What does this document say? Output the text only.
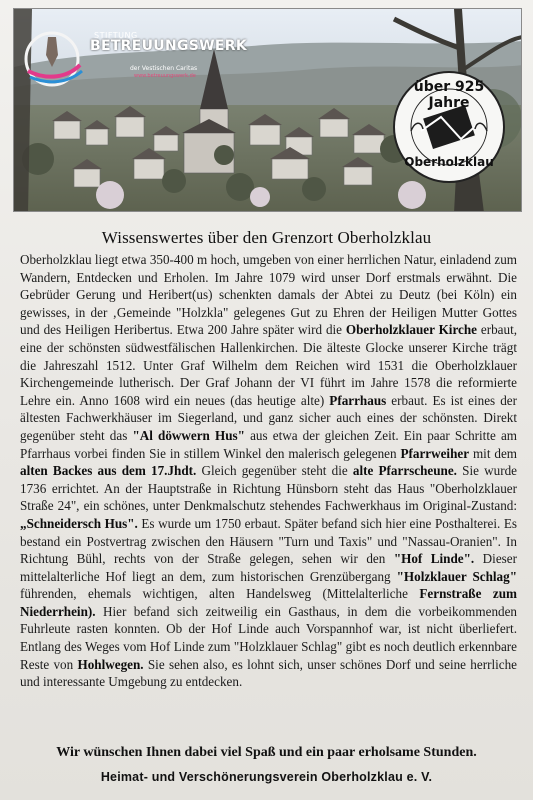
STIFTUNG
BETREUUNGSWERK
der Vestischen Caritas
www.betreuungswerk.de
über 925 Jahre
Oberholzklau
Wissenswertes über den Grenzort Oberholzklau
Oberholzklau liegt etwa 350-400 m hoch, umgeben von einer herrlichen Natur, einladend zum Wandern, Entdecken und Erholen. Im Jahre 1079 wird unser Dorf erstmals erwähnt. Die Gebrüder Gerung und Heribert(us) schenkten damals der Abtei zu Deutz (bei Köln) ein gewisses, in der ‚Gemeinde "Holzkla" gelegenes Gut zu Ehren der Heiligen Mutter Gottes und des Heiligen Heribertus. Etwa 200 Jahre später wird die Oberholzklauer Kirche erbaut, eine der schönsten südwestfälischen Hallenkirchen. Die älteste Glocke unserer Kirche trägt die Jahreszahl 1512. Unter Graf Wilhelm dem Reichen wird 1531 die Oberholzklauer Kirchengemeinde lutherisch. Der Graf Johann der VI führt im Jahre 1578 die reformierte Lehre ein. Anno 1608 wird ein neues (das heutige alte) Pfarrhaus erbaut. Es ist eines der ältesten Fachwerkhäuser im Siegerland, und ganz sicher auch eines der schönsten. Direkt gegenüber steht das "Al döwwern Hus" aus etwa der gleichen Zeit. Ein paar Schritte am Pfarrhaus vorbei finden Sie in stillem Winkel den malerisch gelegenen Pfarrweiher mit dem alten Backes aus dem 17.Jhdt. Gleich gegenüber steht die alte Pfarrscheune. Sie wurde 1736 errichtet. An der Hauptstraße in Richtung Hünsborn steht das Haus "Oberholzklauer Straße 24", ein schönes, unter Denkmalschutz stehendes Fachwerkhaus im Original-Zustand: „Schneidersch Hus". Es wurde um 1750 erbaut. Später befand sich hier eine Posthalterei. Es bestand ein Postvertrag zwischen den Häusern "Turn und Taxis" und "Nassau-Oranien". In Richtung Bühl, rechts von der Straße gelegen, sehen wir den "Hof Linde". Dieser mittelalterliche Hof liegt an dem, zum historischen Grenzübergang "Holzklauer Schlag" führenden, ehemals wichtigen, alten Handelsweg (Mittelalterliche Fernstraße zum Niederrhein). Hier befand sich zeitweilig ein Gasthaus, in dem die vorbeikommenden Fuhrleute rasten konnten. Ob der Hof Linde auch Vorspannhof war, ist nicht überliefert. Entlang des Weges vom Hof Linde zum "Holzklauer Schlag" gibt es noch deutlich erkennbare Reste von Hohlwegen. Sie sehen also, es lohnt sich, unser schönes Dorf und seine herrliche und interessante Umgebung zu entdecken.
Wir wünschen Ihnen dabei viel Spaß und ein paar erholsame Stunden.
Heimat- und Verschönerungsverein Oberholzklau e. V.
